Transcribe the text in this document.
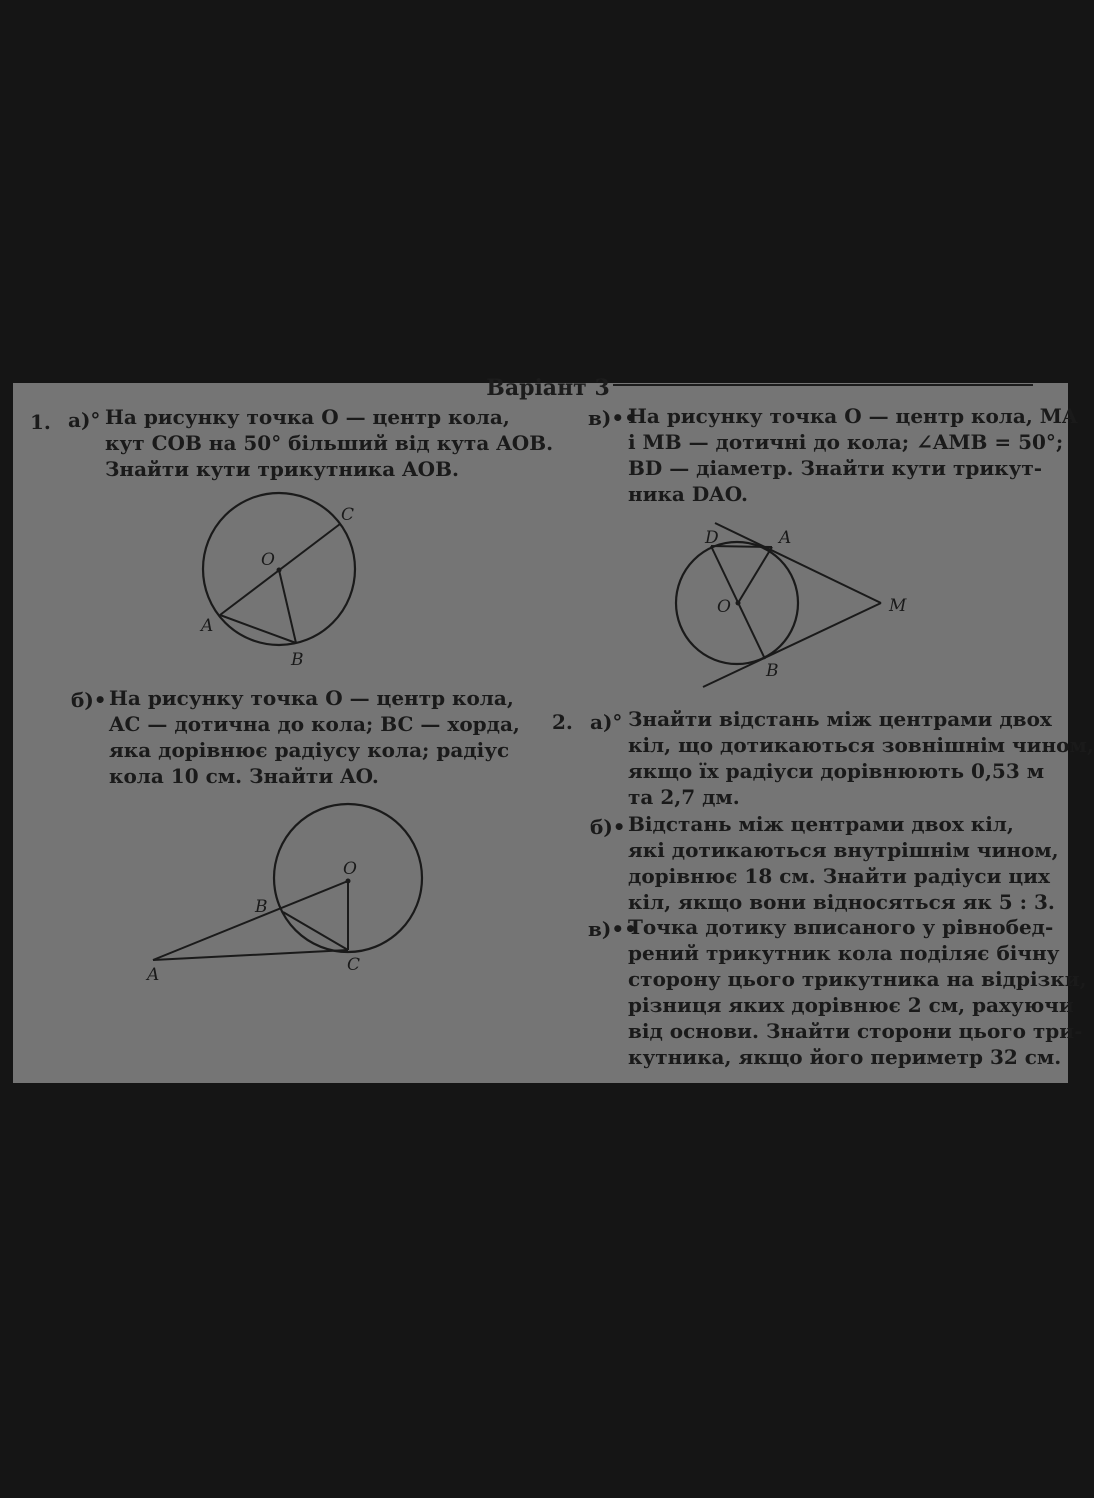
Варіант 3
1. а)° На рисунку точка O — центр кола,
кут COB на 50° більший від кута AOB.
Знайти кути трикутника AOB.
O
C
A
B
б)• На рисунку точка O — центр кола,
AC — дотична до кола; BC — хорда,
яка дорівнює радіусу кола; радіус
кола 10 см. Знайти AO.
O
B
A	C
в)••
На рисунку точка O — центр кола, MA
і MB — дотичні до кола; ∠AMB = 50°;
BD — діаметр. Знайти кути трикут-
ника DAO.
D	A
O	M
B
2. а)° Знайти відстань між центрами двох
кіл, що дотикаються зовнішнім чином,
якщо їх радіуси дорівнюють 0,53 м
та 2,7 дм.
б)• Відстань між центрами двох кіл,
які дотикаються внутрішнім чином,
дорівнює 18 см. Знайти радіуси цих
кіл, якщо вони відносяться як 5 : 3.
в)••
Точка дотику вписаного у рівнобед-
рений трикутник кола поділяє бічну
сторону цього трикутника на відрізки,
різниця яких дорівнює 2 см, рахуючи
від основи. Знайти сторони цього три-
кутника, якщо його периметр 32 см.
